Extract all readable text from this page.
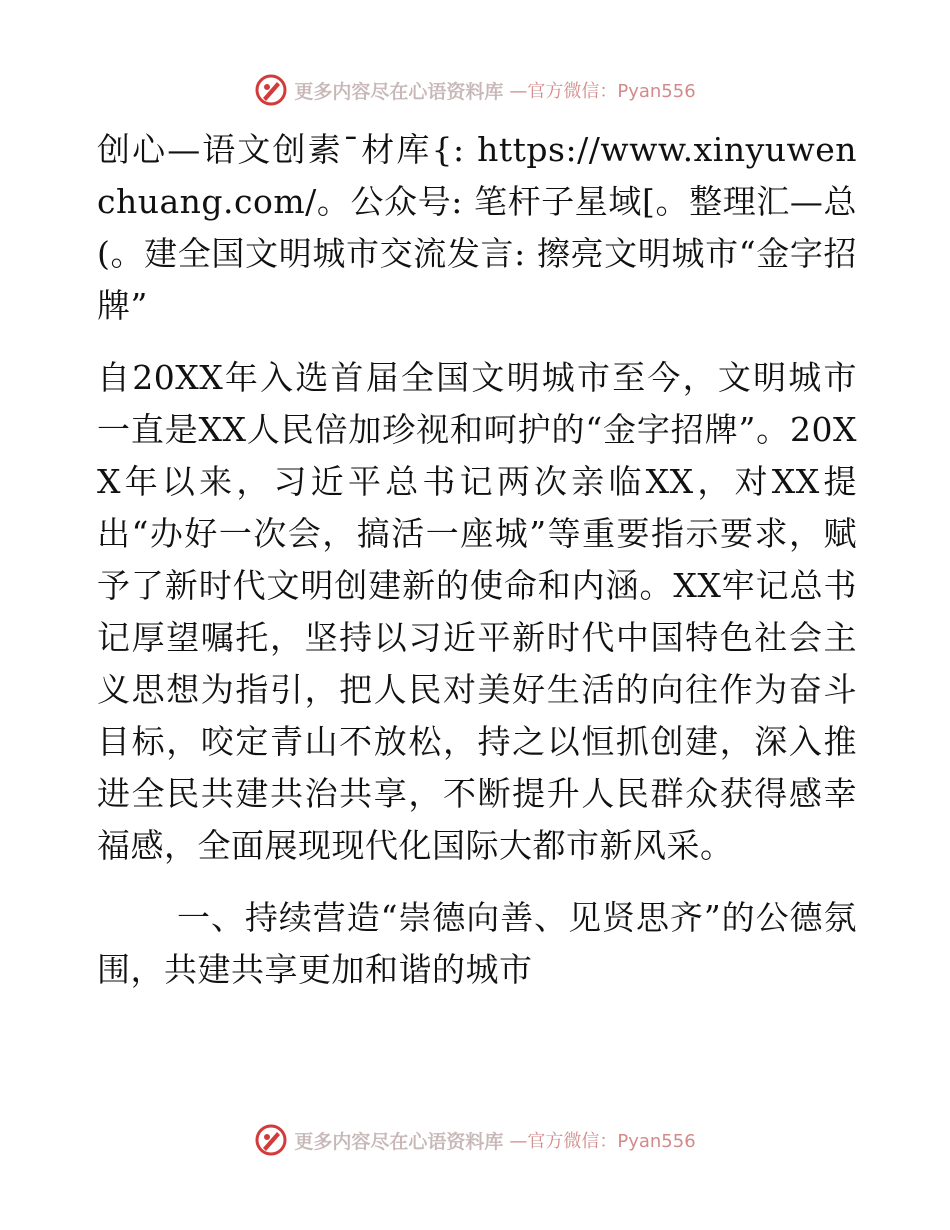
更多内容尽在心语资料库 —官方微信：Pyan556

创心—语文创素¯材库{: https://www.xinyuwenchuang.com/。公众号: 笔杆子星域[。整理汇—总(。建全国文明城市交流发言: 擦亮文明城市“金字招牌”

自20XX年入选首届全国文明城市至今，文明城市一直是XX人民倍加珍视和呵护的“金字招牌”。20XX年以来，习近平总书记两次亲临XX，对XX提出“办好一次会，搞活一座城”等重要指示要求，赋予了新时代文明创建新的使命和内涵。XX牢记总书记厚望嘱托，坚持以习近平新时代中国特色社会主义思想为指引，把人民对美好生活的向往作为奋斗目标，咬定青山不放松，持之以恒抓创建，深入推进全民共建共治共享，不断提升人民群众获得感幸福感，全面展现现代化国际大都市新风采。

一、持续营造“崇德向善、见贤思齐”的公德氛围，共建共享更加和谐的城市

更多内容尽在心语资料库 —官方微信：Pyan556
